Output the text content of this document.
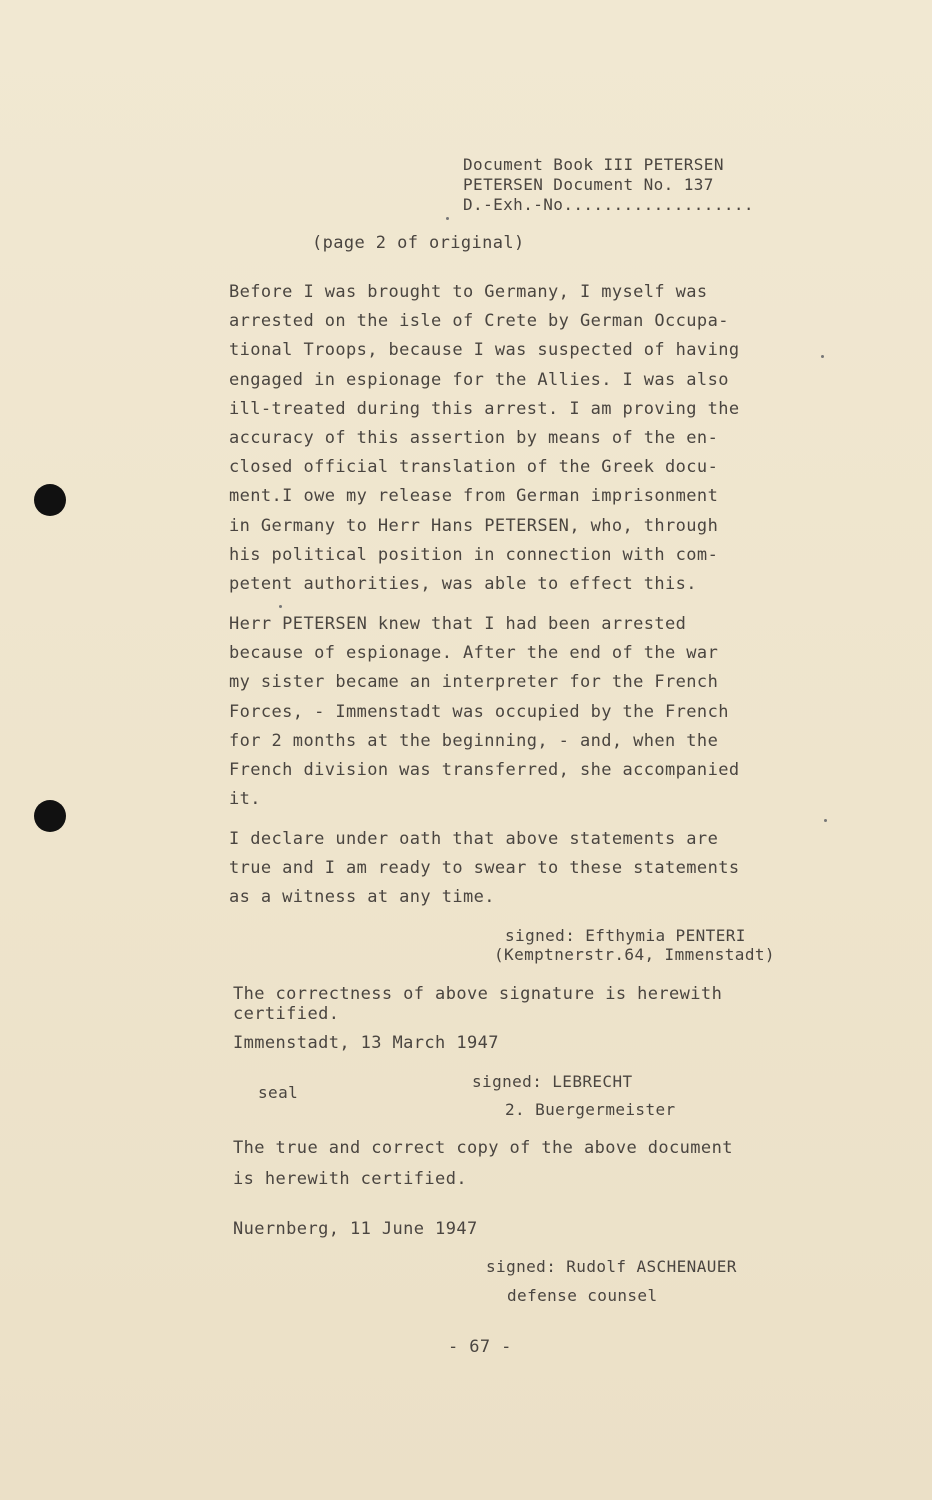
Document Book III PETERSEN
PETERSEN Document No. 137
D.-Exh.-No...................
(page 2 of original)
Before I was brought to Germany, I myself was
arrested on the isle of Crete by German Occupa-
tional Troops, because I was suspected of having
engaged in espionage for the Allies. I was also
ill-treated during this arrest. I am proving the
accuracy of this assertion by means of the en-
closed official translation of the Greek docu-
ment.I owe my release from German imprisonment
in Germany to Herr Hans PETERSEN, who, through
his political position in connection with com-
petent authorities, was able to effect this.
Herr PETERSEN knew that I had been arrested
because of espionage. After the end of the war
my sister became an interpreter for the French
Forces, - Immenstadt was occupied by the French
for 2 months at the beginning, - and, when the
French division was transferred, she accompanied
it.
I declare under oath that above statements are
true and I am ready to swear to these statements
as a witness at any time.
signed: Efthymia PENTERI
(Kemptnerstr.64, Immenstadt)
The correctness of above signature is herewith
certified.
Immenstadt, 13 March 1947
seal
signed: LEBRECHT
2. Buergermeister
The true and correct copy of the above document
is herewith certified.
Nuernberg, 11 June 1947
signed: Rudolf ASCHENAUER
defense counsel
- 67 -
